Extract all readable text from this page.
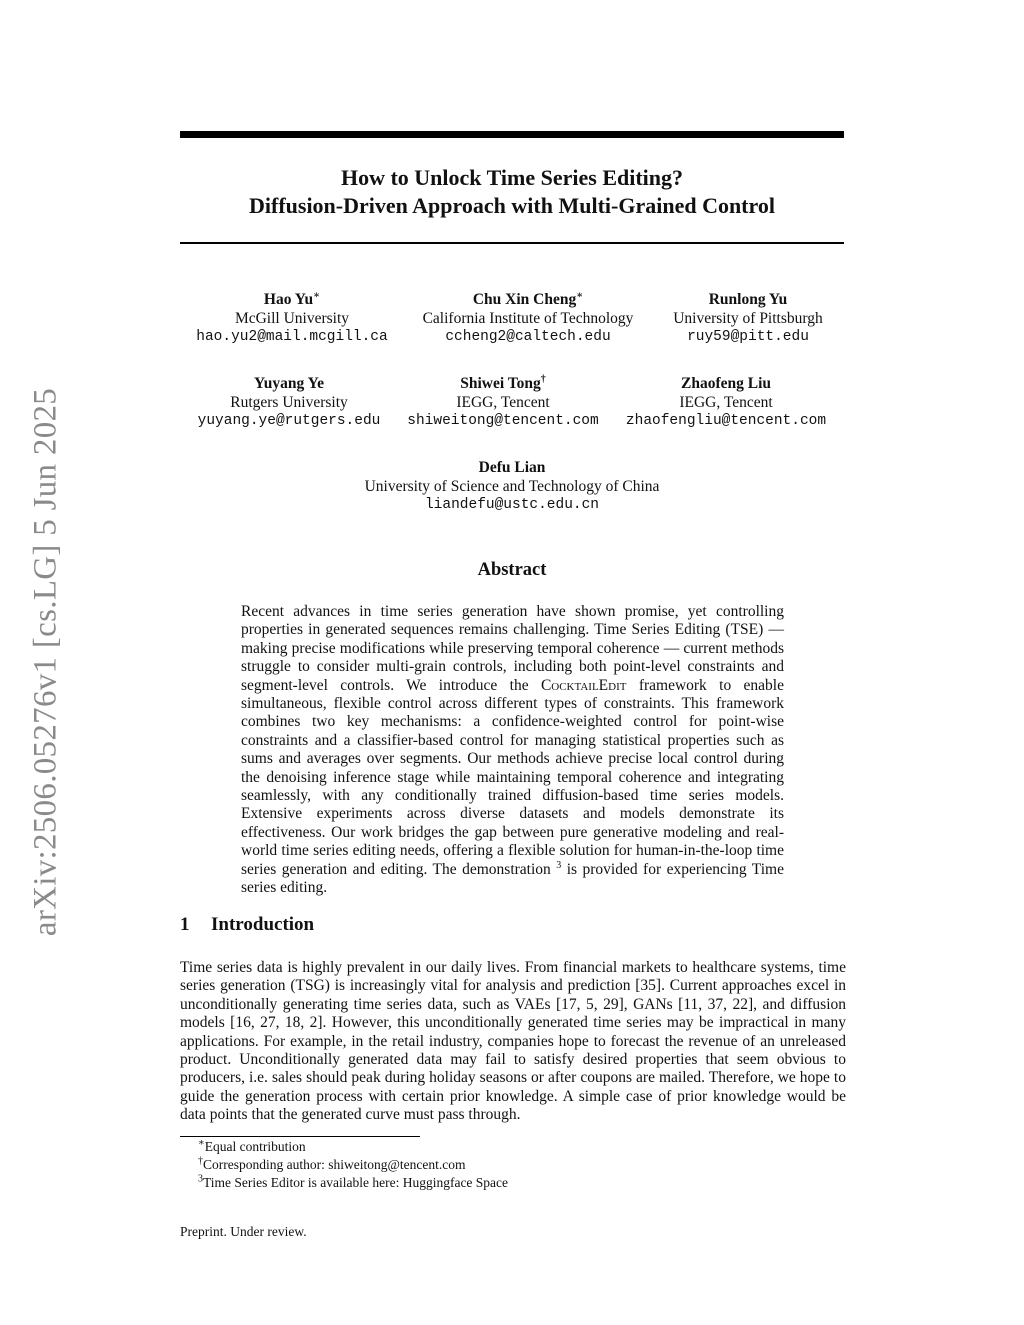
arXiv:2506.05276v1 [cs.LG] 5 Jun 2025
How to Unlock Time Series Editing?
Diffusion-Driven Approach with Multi-Grained Control
Hao Yu∗
McGill University
hao.yu2@mail.mcgill.ca
Chu Xin Cheng∗
California Institute of Technology
ccheng2@caltech.edu
Runlong Yu
University of Pittsburgh
ruy59@pitt.edu
Yuyang Ye
Rutgers University
yuyang.ye@rutgers.edu
Shiwei Tong†
IEGG, Tencent
shiweitong@tencent.com
Zhaofeng Liu
IEGG, Tencent
zhaofengliu@tencent.com
Defu Lian
University of Science and Technology of China
liandefu@ustc.edu.cn
Abstract
Recent advances in time series generation have shown promise, yet controlling properties in generated sequences remains challenging. Time Series Editing (TSE) — making precise modifications while preserving temporal coherence — current methods struggle to consider multi-grain controls, including both point-level constraints and segment-level controls. We introduce the CocktailEdit framework to enable simultaneous, flexible control across different types of constraints. This framework combines two key mechanisms: a confidence-weighted control for point-wise constraints and a classifier-based control for managing statistical properties such as sums and averages over segments. Our methods achieve precise local control during the denoising inference stage while maintaining temporal coherence and integrating seamlessly, with any conditionally trained diffusion-based time series models. Extensive experiments across diverse datasets and models demonstrate its effectiveness. Our work bridges the gap between pure generative modeling and real-world time series editing needs, offering a flexible solution for human-in-the-loop time series generation and editing. The demonstration $^3$ is provided for experiencing Time series editing.
1 Introduction
Time series data is highly prevalent in our daily lives. From financial markets to healthcare systems, time series generation (TSG) is increasingly vital for analysis and prediction [35]. Current approaches excel in unconditionally generating time series data, such as VAEs [17, 5, 29], GANs [11, 37, 22], and diffusion models [16, 27, 18, 2]. However, this unconditionally generated time series may be impractical in many applications. For example, in the retail industry, companies hope to forecast the revenue of an unreleased product. Unconditionally generated data may fail to satisfy desired properties that seem obvious to producers, i.e. sales should peak during holiday seasons or after coupons are mailed. Therefore, we hope to guide the generation process with certain prior knowledge. A simple case of prior knowledge would be data points that the generated curve must pass through.
∗Equal contribution
†Corresponding author: shiweitong@tencent.com
$^3$Time Series Editor is available here: Huggingface Space
Preprint. Under review.
